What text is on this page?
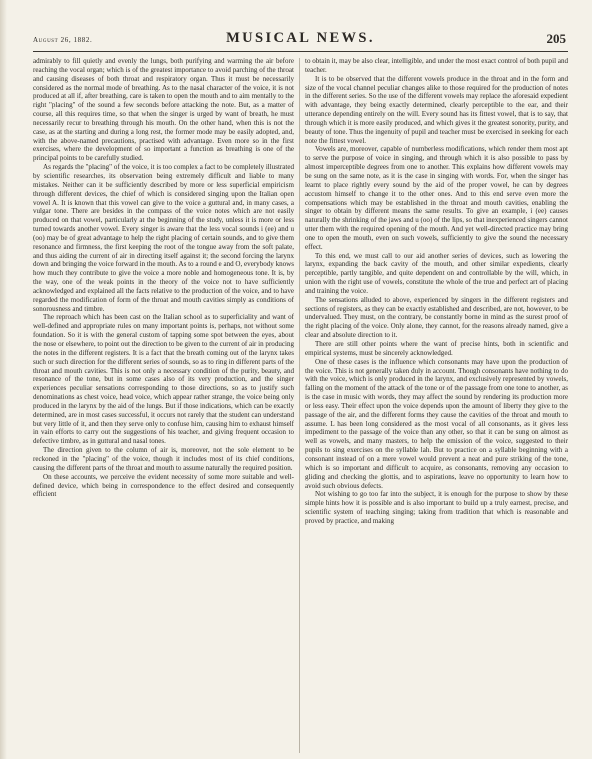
August 26, 1882.	MUSICAL NEWS.	205

admirably to fill quietly and evenly the lungs, both purifying and warming the air before reaching the vocal organ; which is of the greatest importance to avoid parching of the throat and causing diseases of both throat and respiratory organ. Thus it must be necessarily considered as the normal mode of breathing. As to the nasal character of the voice, it is not produced at all if, after breathing, care is taken to open the mouth and to aim mentally to the right "placing" of the sound a few seconds before attacking the note. But, as a matter of course, all this requires time, so that when the singer is urged by want of breath, he must necessarily recur to breathing through his mouth. On the other hand, when this is not the case, as at the starting and during a long rest, the former mode may be easily adopted, and, with the above-named precautions, practised with advantage. Even more so in the first exercises, where the development of so important a function as breathing is one of the principal points to be carefully studied.

As regards the "placing" of the voice, it is too complex a fact to be completely illustrated by scientific researches, its observation being extremely difficult and liable to many mistakes. Neither can it be sufficiently described by more or less superficial empiricism through different devices, the chief of which is considered singing upon the Italian open vowel A. It is known that this vowel can give to the voice a guttural and, in many cases, a vulgar tone. There are besides in the compass of the voice notes which are not easily produced on that vowel, particularly at the beginning of the study, unless it is more or less turned towards another vowel. Every singer is aware that the less vocal sounds i (ee) and u (oo) may be of great advantage to help the right placing of certain sounds, and to give them resonance and firmness, the first keeping the root of the tongue away from the soft palate, and thus aiding the current of air in directing itself against it; the second forcing the larynx down and bringing the voice forward in the mouth. As to a round e and O, everybody knows how much they contribute to give the voice a more noble and homogeneous tone. It is, by the way, one of the weak points in the theory of the voice not to have sufficiently acknowledged and explained all the facts relative to the production of the voice, and to have regarded the modification of form of the throat and mouth cavities simply as conditions of sonorousness and timbre.

The reproach which has been cast on the Italian school as to superficiality and want of well-defined and appropriate rules on many important points is, perhaps, not without some foundation. So it is with the general custom of tapping some spot between the eyes, about the nose or elsewhere, to point out the direction to be given to the current of air in producing the notes in the different registers. It is a fact that the breath coming out of the larynx takes such or such direction for the different series of sounds, so as to ring in different parts of the throat and mouth cavities. This is not only a necessary condition of the purity, beauty, and resonance of the tone, but in some cases also of its very production, and the singer experiences peculiar sensations corresponding to those directions, so as to justify such denominations as chest voice, head voice, which appear rather strange, the voice being only produced in the larynx by the aid of the lungs. But if those indications, which can be exactly determined, are in most cases successful, it occurs not rarely that the student can understand but very little of it, and then they serve only to confuse him, causing him to exhaust himself in vain efforts to carry out the suggestions of his teacher, and giving frequent occasion to defective timbre, as in guttural and nasal tones.

The direction given to the column of air is, moreover, not the sole element to be reckoned in the "placing" of the voice, though it includes most of its chief conditions, causing the different parts of the throat and mouth to assume naturally the required position.

On these accounts, we perceive the evident necessity of some more suitable and well-defined device, which being in correspondence to the effect desired and consequently efficient

to obtain it, may be also clear, intelligible, and under the most exact control of both pupil and teacher.

It is to be observed that the different vowels produce in the throat and in the form and size of the vocal channel peculiar changes alike to those required for the production of notes in the different series. So the use of the different vowels may replace the aforesaid expedient with advantage, they being exactly determined, clearly perceptible to the ear, and their utterance depending entirely on the will. Every sound has its fittest vowel, that is to say, that through which it is more easily produced, and which gives it the greatest sonority, purity, and beauty of tone. Thus the ingenuity of pupil and teacher must be exercised in seeking for each note the fittest vowel.

Vowels are, moreover, capable of numberless modifications, which render them most apt to serve the purpose of voice in singing, and through which it is also possible to pass by almost imperceptible degrees from one to another. This explains how different vowels may be sung on the same note, as it is the case in singing with words. For, when the singer has learnt to place rightly every sound by the aid of the proper vowel, he can by degrees accustom himself to change it to the other ones. And to this end serve even more the compensations which may be established in the throat and mouth cavities, enabling the singer to obtain by different means the same results. To give an example, i (ee) causes naturally the shrinking of the jaws and u (oo) of the lips, so that inexperienced singers cannot utter them with the required opening of the mouth. And yet well-directed practice may bring one to open the mouth, even on such vowels, sufficiently to give the sound the necessary effect.

To this end, we must call to our aid another series of devices, such as lowering the larynx, expanding the back cavity of the mouth, and other similar expedients, clearly perceptible, partly tangible, and quite dependent on and controllable by the will, which, in union with the right use of vowels, constitute the whole of the true and perfect art of placing and training the voice.

The sensations alluded to above, experienced by singers in the different registers and sections of registers, as they can be exactly established and described, are not, however, to be undervalued. They must, on the contrary, be constantly borne in mind as the surest proof of the right placing of the voice. Only alone, they cannot, for the reasons already named, give a clear and absolute direction to it.

There are still other points where the want of precise hints, both in scientific and empirical systems, must be sincerely acknowledged.

One of these cases is the influence which consonants may have upon the production of the voice. This is not generally taken duly in account. Though consonants have nothing to do with the voice, which is only produced in the larynx, and exclusively represented by vowels, falling on the moment of the attack of the tone or of the passage from one tone to another, as is the case in music with words, they may affect the sound by rendering its production more or less easy. Their effect upon the voice depends upon the amount of liberty they give to the passage of the air, and the different forms they cause the cavities of the throat and mouth to assume. L has been long considered as the most vocal of all consonants, as it gives less impediment to the passage of the voice than any other, so that it can be sung on almost as well as vowels, and many masters, to help the emission of the voice, suggested to their pupils to sing exercises on the syllable lah. But to practice on a syllable beginning with a consonant instead of on a mere vowel would prevent a neat and pure striking of the tone, which is so important and difficult to acquire, as consonants, removing any occasion to gliding and checking the glottis, and to aspirations, leave no opportunity to learn how to avoid such obvious defects.

Not wishing to go too far into the subject, it is enough for the purpose to show by these simple hints how it is possible and is also important to build up a truly earnest, precise, and scientific system of teaching singing; taking from tradition that which is reasonable and proved by practice, and making
